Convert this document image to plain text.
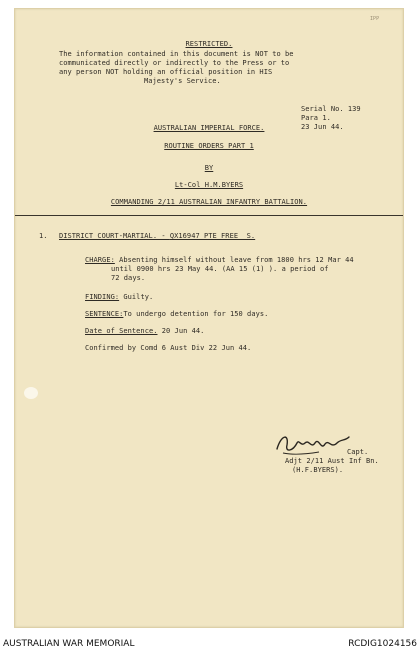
IPP
RESTRICTED.
The information contained in this document is NOT to be
communicated directly or indirectly to the Press or to
any person NOT holding an official position in HIS
Majesty's Service.
Serial No. 139
Para 1.
23 Jun 44.
AUSTRALIAN IMPERIAL FORCE.
ROUTINE ORDERS PART 1
BY
Lt-Col H.M.BYERS
COMMANDING 2/11 AUSTRALIAN INFANTRY BATTALION.
1. DISTRICT COURT-MARTIAL. - QX16947 PTE FREE  S.
CHARGE: Absenting himself without leave from 1800 hrs 12 Mar 44
until 0900 hrs 23 May 44. (AA 15 (1) ). a period of
72 days.
FINDING: Guilty.
SENTENCE:To undergo detention for 150 days.
Date of Sentence. 20 Jun 44.
Confirmed by Comd 6 Aust Div 22 Jun 44.
Capt.
Adjt 2/11 Aust Inf Bn.
(H.F.BYERS).
AUSTRALIAN WAR MEMORIAL	RCDIG1024156
